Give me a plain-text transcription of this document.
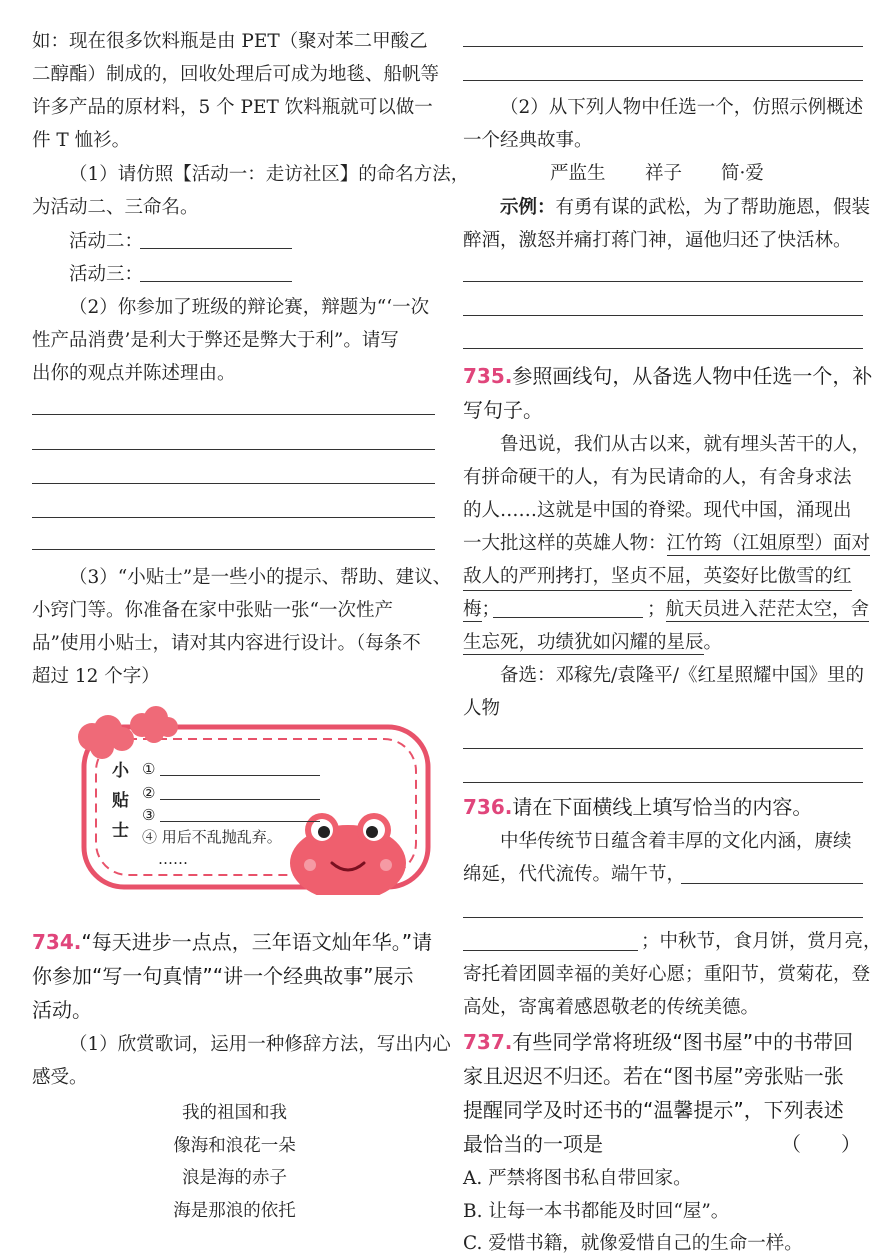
如：现在很多饮料瓶是由 PET（聚对苯二甲酸乙
二醇酯）制成的，回收处理后可成为地毯、船帆等
许多产品的原材料，5 个 PET 饮料瓶就可以做一
件 T 恤衫。
（1）请仿照【活动一：走访社区】的命名方法，
为活动二、三命名。
活动二：
活动三：
（2）你参加了班级的辩论赛，辩题为“‘一次
性产品消费’是利大于弊还是弊大于利”。请写
出你的观点并陈述理由。
（3）“小贴士”是一些小的提示、帮助、建议、
小窍门等。你准备在家中张贴一张“一次性产
品”使用小贴士，请对其内容进行设计。（每条不
超过 12 个字）
小
贴
士
①
②
③
④ 用后不乱抛乱弃。
……
734.“每天进步一点点，三年语文灿年华。”请
你参加“写一句真情”“讲一个经典故事”展示
活动。
（1）欣赏歌词，运用一种修辞方法，写出内心
感受。
我的祖国和我
像海和浪花一朵
浪是海的赤子
海是那浪的依托
（2）从下列人物中任选一个，仿照示例概述
一个经典故事。
严监生 祥子 简·爱
示例：有勇有谋的武松，为了帮助施恩，假装
醉酒，激怒并痛打蒋门神，逼他归还了快活林。
735.参照画线句，从备选人物中任选一个，补
写句子。
鲁迅说，我们从古以来，就有埋头苦干的人，
有拼命硬干的人，有为民请命的人，有舍身求法
的人……这就是中国的脊梁。现代中国，涌现出
一大批这样的英雄人物：江竹筠（江姐原型）面对
敌人的严刑拷打，坚贞不屈，英姿好比傲雪的红
梅；	；航天员进入茫茫太空，舍
生忘死，功绩犹如闪耀的星辰。
备选：邓稼先/袁隆平/《红星照耀中国》里的
人物
736.请在下面横线上填写恰当的内容。
中华传统节日蕴含着丰厚的文化内涵，赓续
绵延，代代流传。端午节，
；中秋节，食月饼，赏月亮，
寄托着团圆幸福的美好心愿；重阳节，赏菊花，登
高处，寄寓着感恩敬老的传统美德。
737.有些同学常将班级“图书屋”中的书带回
家且迟迟不归还。若在“图书屋”旁张贴一张
提醒同学及时还书的“温馨提示”，下列表述
最恰当的一项是	（　　）
A. 严禁将图书私自带回家。
B. 让每一本书都能及时回“屋”。
C. 爱惜书籍，就像爱惜自己的生命一样。
